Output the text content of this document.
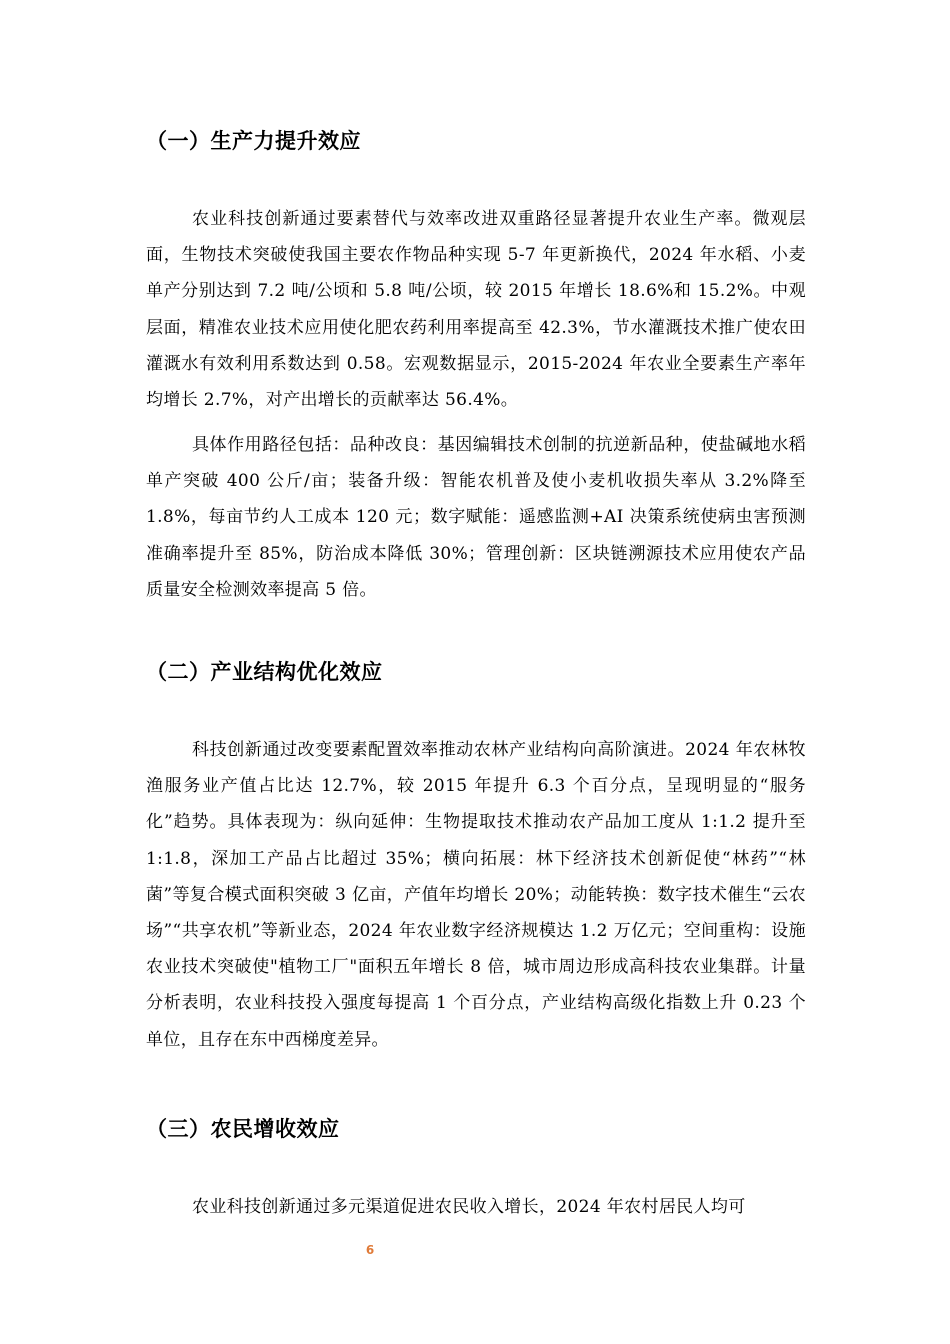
（一）生产力提升效应

农业科技创新通过要素替代与效率改进双重路径显著提升农业生产率。微观层面，生物技术突破使我国主要农作物品种实现 5-7 年更新换代，2024 年水稻、小麦单产分别达到 7.2 吨/公顷和 5.8 吨/公顷，较 2015 年增长 18.6%和 15.2%。中观层面，精准农业技术应用使化肥农药利用率提高至 42.3%，节水灌溉技术推广使农田灌溉水有效利用系数达到 0.58。宏观数据显示，2015-2024 年农业全要素生产率年均增长 2.7%，对产出增长的贡献率达 56.4%。

具体作用路径包括：品种改良：基因编辑技术创制的抗逆新品种，使盐碱地水稻单产突破 400 公斤/亩；装备升级：智能农机普及使小麦机收损失率从 3.2%降至 1.8%，每亩节约人工成本 120 元；数字赋能：遥感监测+AI 决策系统使病虫害预测准确率提升至 85%，防治成本降低 30%；管理创新：区块链溯源技术应用使农产品质量安全检测效率提高 5 倍。

（二）产业结构优化效应

科技创新通过改变要素配置效率推动农林产业结构向高阶演进。2024 年农林牧渔服务业产值占比达 12.7%，较 2015 年提升 6.3 个百分点，呈现明显的“服务化”趋势。具体表现为：纵向延伸：生物提取技术推动农产品加工度从 1:1.2 提升至 1:1.8，深加工产品占比超过 35%；横向拓展：林下经济技术创新促使“林药”“林菌”等复合模式面积突破 3 亿亩，产值年均增长 20%；动能转换：数字技术催生“云农场”“共享农机”等新业态，2024 年农业数字经济规模达 1.2 万亿元；空间重构：设施农业技术突破使"植物工厂"面积五年增长 8 倍，城市周边形成高科技农业集群。计量分析表明，农业科技投入强度每提高 1 个百分点，产业结构高级化指数上升 0.23 个单位，且存在东中西梯度差异。

（三）农民增收效应

农业科技创新通过多元渠道促进农民收入增长，2024 年农村居民人均可

6
